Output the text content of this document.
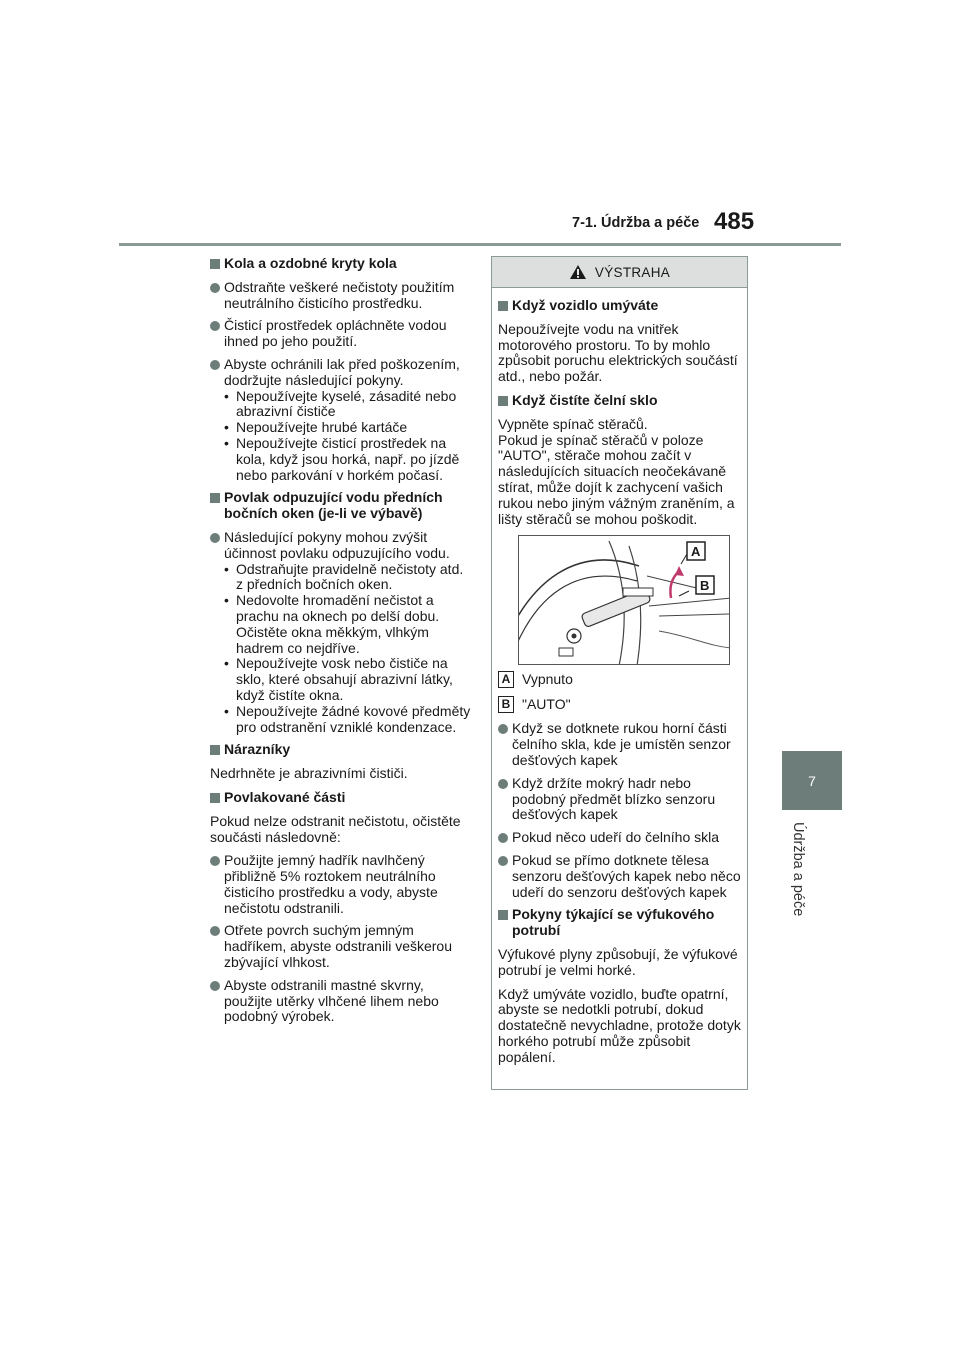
7-1. Údržba a péče 485
7
Údržba a péče
Kola a ozdobné kryty kola
Odstraňte veškeré nečistoty použitím neutrálního čisticího prostředku.
Čisticí prostředek opláchněte vodou ihned po jeho použití.
Abyste ochránili lak před poškozením, dodržujte následující pokyny.
• Nepoužívejte kyselé, zásadité nebo abrazivní čističe
• Nepoužívejte hrubé kartáče
• Nepoužívejte čisticí prostředek na kola, když jsou horká, např. po jízdě nebo parkování v horkém počasí.
Povlak odpuzující vodu předních bočních oken (je-li ve výbavě)
Následující pokyny mohou zvýšit účinnost povlaku odpuzujícího vodu.
• Odstraňujte pravidelně nečistoty atd. z předních bočních oken.
• Nedovolte hromadění nečistot a prachu na oknech po delší dobu. Očistěte okna měkkým, vlhkým hadrem co nejdříve.
• Nepoužívejte vosk nebo čističe na sklo, které obsahují abrazivní látky, když čistíte okna.
• Nepoužívejte žádné kovové předměty pro odstranění vzniklé kondenzace.
Nárazníky
Nedrhněte je abrazivními čističi.
Povlakované části
Pokud nelze odstranit nečistotu, očistěte součásti následovně:
Použijte jemný hadřík navlhčený přibližně 5% roztokem neutrálního čisticího prostředku a vody, abyste nečistotu odstranili.
Otřete povrch suchým jemným hadříkem, abyste odstranili veškerou zbývající vlhkost.
Abyste odstranili mastné skvrny, použijte utěrky vlhčené lihem nebo podobný výrobek.
VÝSTRAHA
Když vozidlo umýváte
Nepoužívejte vodu na vnitřek motorového prostoru. To by mohlo způsobit poruchu elektrických součástí atd., nebo požár.
Když čistíte čelní sklo
Vypněte spínač stěračů.
Pokud je spínač stěračů v poloze "AUTO", stěrače mohou začít v následujících situacích neočekávaně stírat, může dojít k zachycení vašich rukou nebo jiným vážným zraněním, a lišty stěračů se mohou poškodit.
A
B
A Vypnuto
B "AUTO"
Když se dotknete rukou horní části čelního skla, kde je umístěn senzor dešťových kapek
Když držíte mokrý hadr nebo podobný předmět blízko senzoru dešťových kapek
Pokud něco udeří do čelního skla
Pokud se přímo dotknete tělesa senzoru dešťových kapek nebo něco udeří do senzoru dešťových kapek
Pokyny týkající se výfukového potrubí
Výfukové plyny způsobují, že výfukové potrubí je velmi horké.
Když umýváte vozidlo, buďte opatrní, abyste se nedotkli potrubí, dokud dostatečně nevychladne, protože dotyk horkého potrubí může způsobit popálení.
